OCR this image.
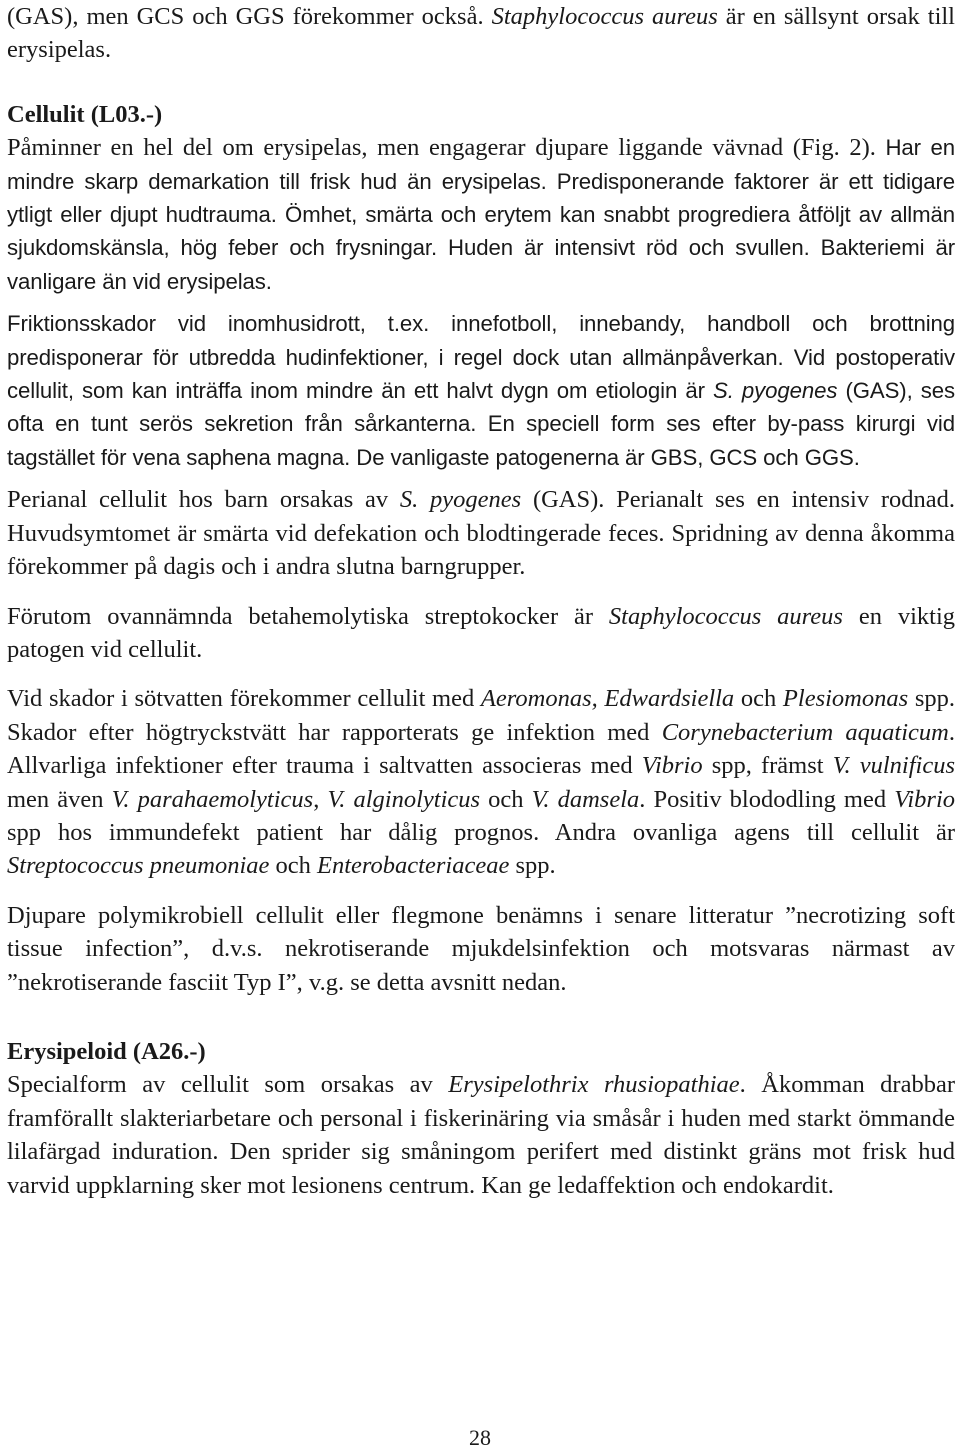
(GAS), men GCS och GGS förekommer också. Staphylococcus aureus är en sällsynt orsak till erysipelas.

Cellulit (L03.-)

Påminner en hel del om erysipelas, men engagerar djupare liggande vävnad (Fig. 2). Har en mindre skarp demarkation till frisk hud än erysipelas. Predisponerande faktorer är ett tidigare ytligt eller djupt hudtrauma. Ömhet, smärta och erytem kan snabbt progrediera åtföljt av allmän sjukdomskänsla, hög feber och frysningar. Huden är intensivt röd och svullen. Bakteriemi är vanligare än vid erysipelas.

Friktionsskador vid inomhusidrott, t.ex. innefotboll, innebandy, handboll och brottning predisponerar för utbredda hudinfektioner, i regel dock utan allmänpåverkan. Vid postoperativ cellulit, som kan inträffa inom mindre än ett halvt dygn om etiologin är S. pyogenes (GAS), ses ofta en tunt serös sekretion från sårkanterna. En speciell form ses efter by-pass kirurgi vid tagstället för vena saphena magna. De vanligaste patogenerna är GBS, GCS och GGS.

Perianal cellulit hos barn orsakas av S. pyogenes (GAS). Perianalt ses en intensiv rodnad. Huvudsymtomet är smärta vid defekation och blodtingerade feces. Spridning av denna åkomma förekommer på dagis och i andra slutna barngrupper.

Förutom ovannämnda betahemolytiska streptokocker är Staphylococcus aureus en viktig patogen vid cellulit.

Vid skador i sötvatten förekommer cellulit med Aeromonas, Edwardsiella och Plesiomonas spp. Skador efter högtryckstvätt har rapporterats ge infektion med Corynebacterium aquaticum. Allvarliga infektioner efter trauma i saltvatten associeras med Vibrio spp, främst V. vulnificus men även V. parahaemolyticus, V. alginolyticus och V. damsela. Positiv blododling med Vibrio spp hos immundefekt patient har dålig prognos. Andra ovanliga agens till cellulit är Streptococcus pneumoniae och Enterobacteriaceae spp.

Djupare polymikrobiell cellulit eller flegmone benämns i senare litteratur ”necrotizing soft tissue infection”, d.v.s. nekrotiserande mjukdelsinfektion och motsvaras närmast av ”nekrotiserande fasciit Typ I”, v.g. se detta avsnitt nedan.

Erysipeloid (A26.-)

Specialform av cellulit som orsakas av Erysipelothrix rhusiopathiae. Åkomman drabbar framförallt slakteriarbetare och personal i fiskerinäring via småsår i huden med starkt ömmande lilafärgad induration. Den sprider sig småningom perifert med distinkt gräns mot frisk hud varvid uppklarning sker mot lesionens centrum. Kan ge ledaffektion och endokardit.

28
